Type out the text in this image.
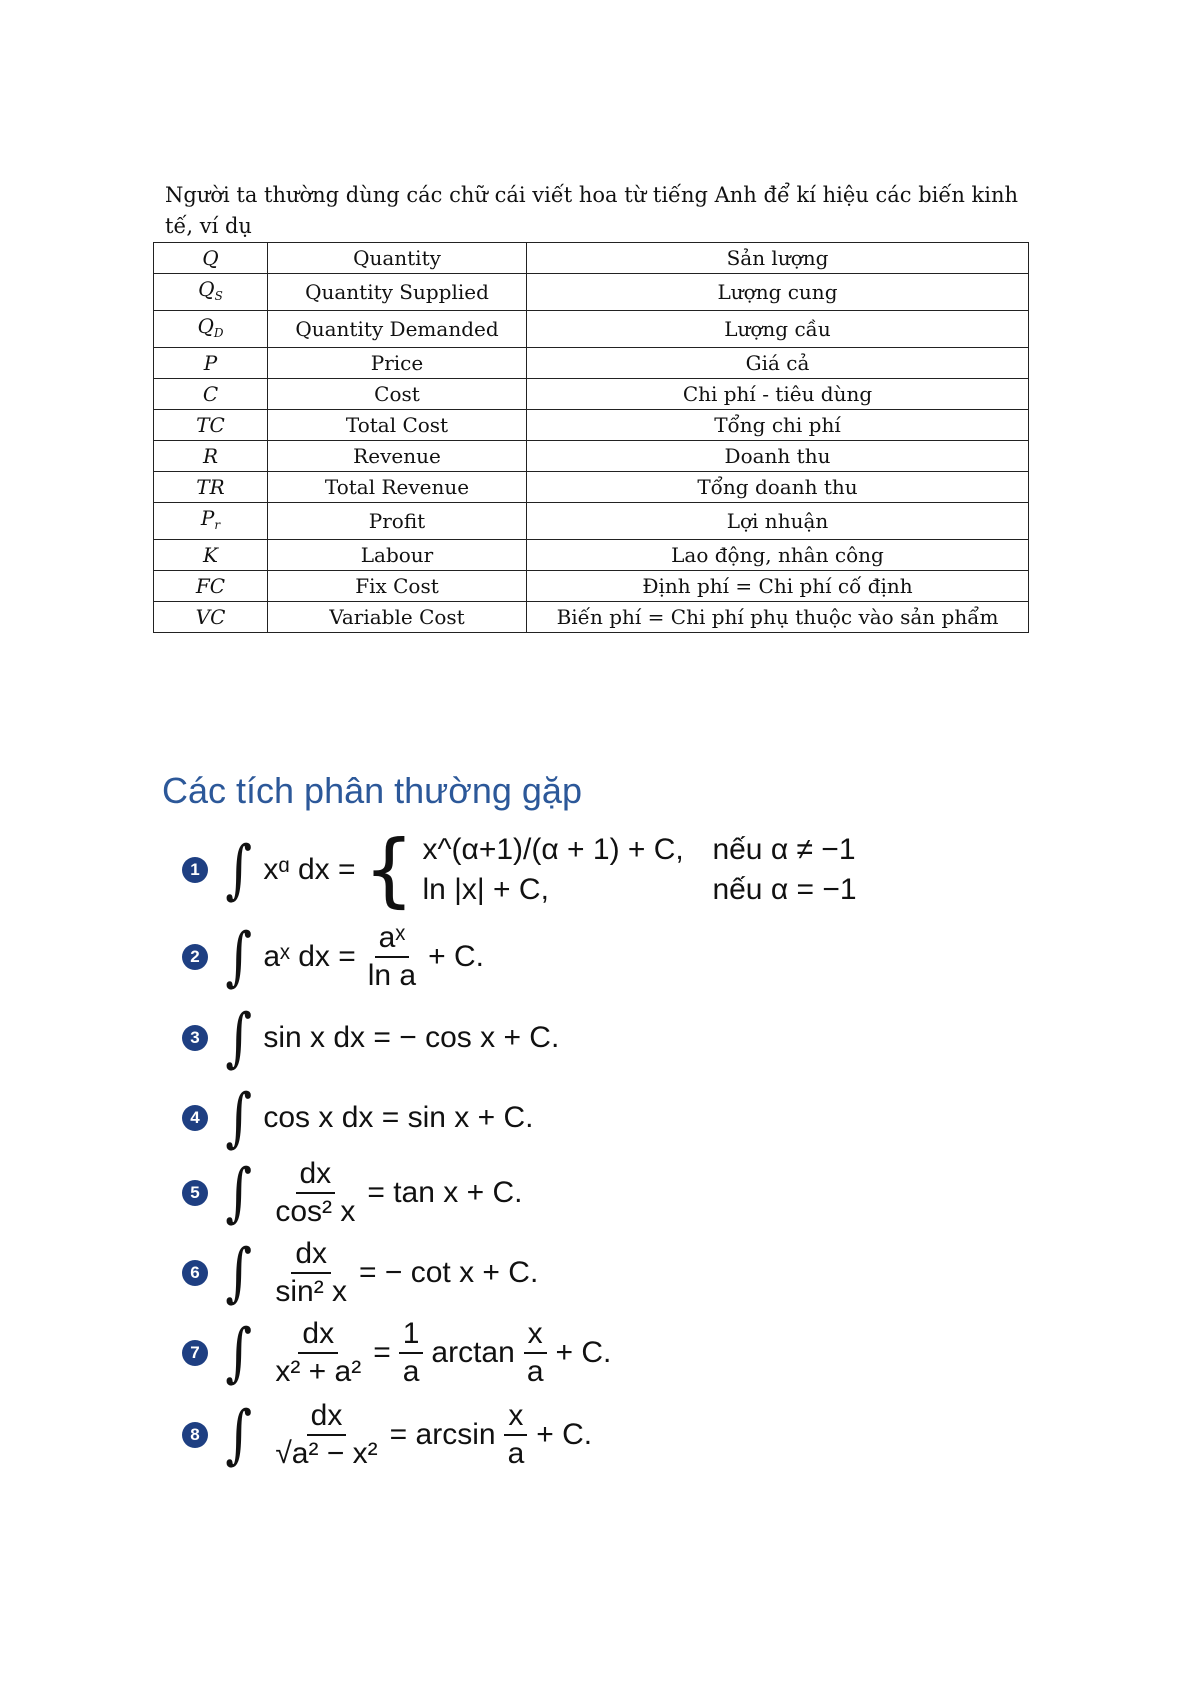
Người ta thường dùng các chữ cái viết hoa từ tiếng Anh để kí hiệu các biến kinh tế, ví dụ
Q	Quantity	Sản lượng
$Q_S$	Quantity Supplied	Lượng cung
$Q_D$	Quantity Demanded	Lượng cầu
P	Price	Giá cả
C	Cost	Chi phí - tiêu dùng
TC	Total Cost	Tổng chi phí
R	Revenue	Doanh thu
TR	Total Revenue	Tổng doanh thu
$P_r$	Profit	Lợi nhuận
K	Labour	Lao động, nhân công
FC	Fix Cost	Định phí = Chi phí cố định
VC	Variable Cost	Biến phí = Chi phí phụ thuộc vào sản phẩm
Các tích phân thường gặp
1 ∫ xᵅ dx = { x^(α+1)/(α + 1) + C, nếu α ≠ −1
ln |x| + C,	nếu α = −1
2 ∫ aˣ dx = $\frac{\text{aˣ}}{\text{ln a}} + C$.
3 ∫ sin x dx = − cos x + C.
4 ∫ cos x dx = sin x + C.
5 ∫ $\frac{dx}{\text{cos² x}} = \tan x + C$.
6 ∫ $\frac{dx}{\text{sin² x}}$ = − cot x + C.
7 ∫ $\frac{dx}{\text{x² + a²}} = \frac{1}{a}$ $\arctan \frac{x}{a} + C$.
8 ∫ $\frac{dx}{\text{√a² − x²}} = \arcsin \frac{x}{a} + C$.
